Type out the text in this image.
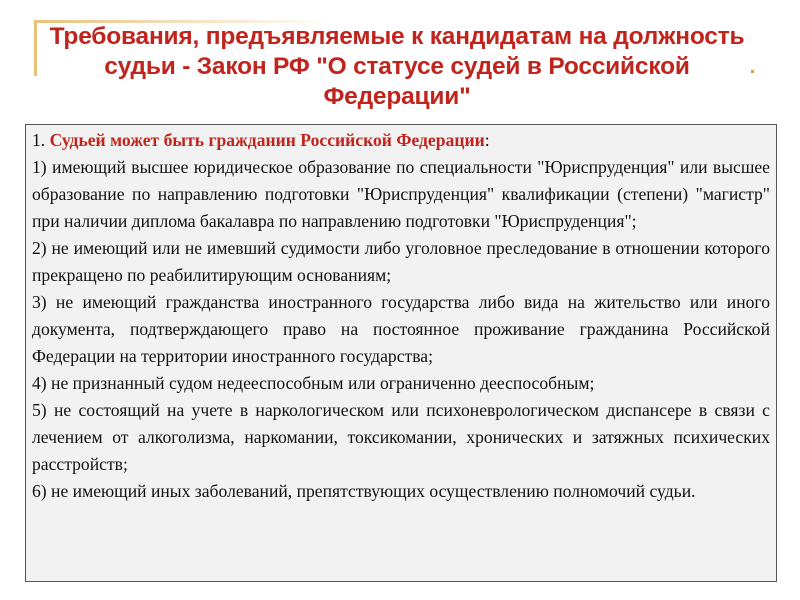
Требования, предъявляемые к кандидатам на должность судьи - Закон РФ "О статусе судей в Российской Федерации"

1. Судьей может быть гражданин Российской Федерации:

1) имеющий высшее юридическое образование по специальности "Юриспруденция" или высшее образование по направлению подготовки "Юриспруденция" квалификации (степени) "магистр" при наличии диплома бакалавра по направлению подготовки "Юриспруденция";

2) не имеющий или не имевший судимости либо уголовное преследование в отношении которого прекращено по реабилитирующим основаниям;

3) не имеющий гражданства иностранного государства либо вида на жительство или иного документа, подтверждающего право на постоянное проживание гражданина Российской Федерации на территории иностранного государства;

4) не признанный судом недееспособным или ограниченно дееспособным;

5) не состоящий на учете в наркологическом или психоневрологическом диспансере в связи с лечением от алкоголизма, наркомании, токсикомании, хронических и затяжных психических расстройств;

6) не имеющий иных заболеваний, препятствующих осуществлению полномочий судьи.
